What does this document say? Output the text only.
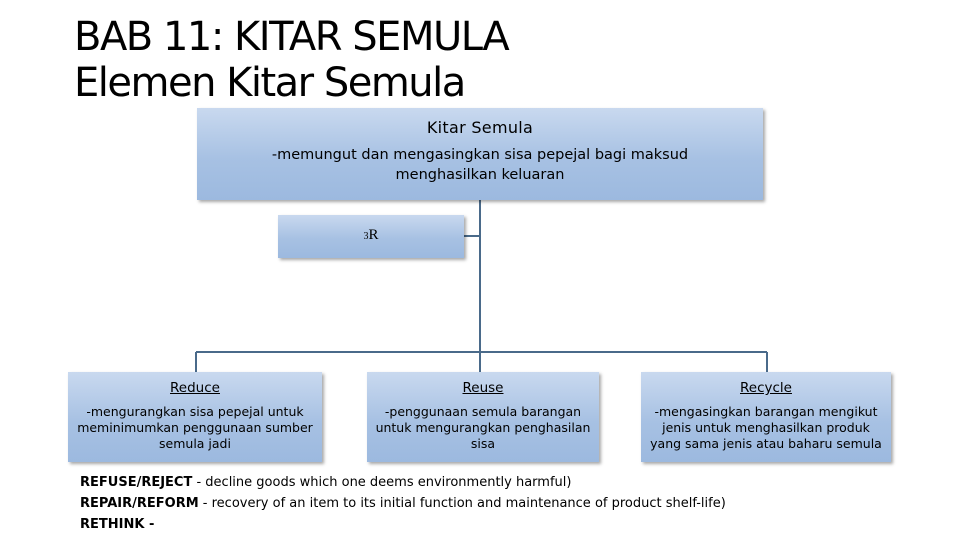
BAB 11: KITAR SEMULA
Elemen Kitar Semula
Kitar Semula
-memungut dan mengasingkan sisa pepejal bagi maksud menghasilkan keluaran
3R
Reduce
-mengurangkan sisa pepejal untuk meminimumkan penggunaan sumber semula jadi
Reuse
-penggunaan semula barangan untuk mengurangkan penghasilan sisa
Recycle
-mengasingkan barangan mengikut jenis untuk menghasilkan produk yang sama jenis atau baharu semula
REFUSE/REJECT - decline goods which one deems environmently harmful)
REPAIR/REFORM - recovery of an item to its initial function and maintenance of product shelf-life)
RETHINK -
